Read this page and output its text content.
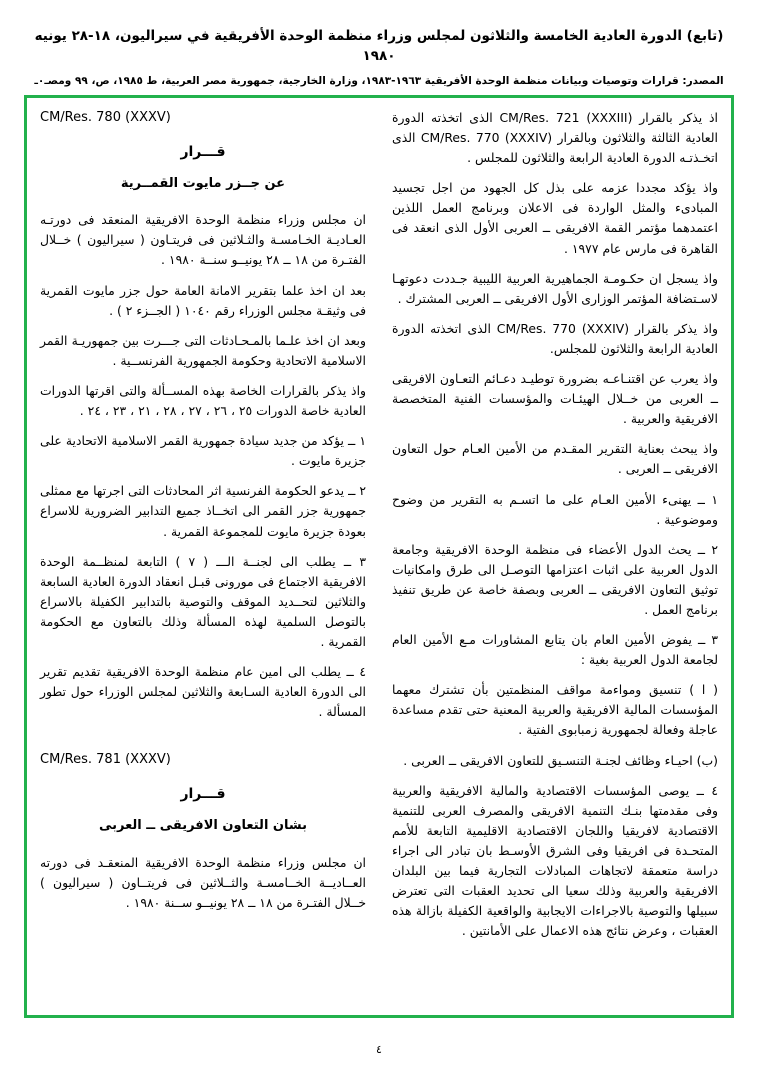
(تابع) الدورة العادية الخامسة والثلاثون لمجلس وزراء منظمة الوحدة الأفريقية في سيراليون، ١٨-٢٨ يونيه ١٩٨٠
المصدر: ‏قرارات وتوصيات وبيانات منظمة الوحدة الأفريقية ١٩٦٣-١٩٨٣، وزارة الخارجية، جمهورية مصر العربية، ط ١٩٨٥، ص، ٩٩ ومصـ٠ـ

اذ يذكر بالقرار (CM/Res. 721 (XXXIII الذى اتخذته الدورة العادية الثالثة والثلاثون وبالقرار CM/Res. 770 (XXXIV) الذى اتخـذتـه الدورة العادية الرابعة والثلاثون للمجلس .

واذ يؤكد مجددا عزمه على بذل كل الجهود من اجل تجسيد المبادىء والمثل الواردة فى الاعلان وبرنامج العمل اللذين اعتمدهما مؤتمر القمة الافريقى ــ العربى الأول الذى انعقد فى القاهرة فى مارس عام ١٩٧٧ .

واذ يسجل ان حكـومـة الجماهيرية العربية الليبية جـددت دعوتهـا لاسـتضافة المؤتمر الوزارى الأول الافريقى ــ العربى المشترك .

واذ يذكر بالقرار CM/Res. 770 (XXXIV) الذى اتخذته الدورة العادية الرابعة والثلاثون للمجلس.

واذ يعرب عن اقتنـاعـه بضرورة توطيـد دعـائم التعـاون الافريقى ــ العربى من خــلال الهيئـات والمؤسسات الفنية المتخصصة الافريقية والعربية .

واذ يبحث بعناية التقرير المقـدم من الأمين العـام حول التعاون الافريقى ــ العربى .

١ ــ يهنىء الأمين العـام على ما اتسـم به التقرير من وضوح وموضوعية .

٢ ــ يحث الدول الأعضاء فى منظمة الوحدة الافريقية وجامعة الدول العربية على اثبات اعتزامها التوصـل الى طرق وامكانيات توثيق التعاون الافريقى ــ العربى وبصفة خاصة عن طريق تنفيذ برنامج العمل .

٣ ــ يفوض الأمين العام بان يتابع المشاورات مـع الأمين العام لجامعة الدول العربية بغية :

( ا ) تنسيق ومواءمة مواقف المنظمتين بأن تشترك معهما المؤسسات المالية الافريقية والعربية المعنية حتى تقدم مساعدة عاجلة وفعالة لجمهورية زمبابوى الفتية .

(ب) احيـاء وظائف لجنـة التنسـيق للتعاون الافريقى ــ العربى .

٤ ــ يوصى المؤسسات الاقتصادية والمالية الافريقية والعربية وفى مقدمتها بنـك التنمية الافريقى والمصرف العربى للتنمية الاقتصادية لافريقيا واللجان الاقتصادية الاقليمية التابعة للأمم المتحـدة فى افريقيا وفى الشرق الأوسـط بان تبادر الى اجراء دراسة متعمقة لاتجاهات المبادلات التجارية فيما بين البلدان الافريقية والعربية وذلك سعيا الى تحديد العقبات التى تعترض سبيلها والتوصية بالاجراءات الايجابية والواقعية الكفيلة بازالة هذه العقبات ، وعرض نتائج هذه الاعمال على الأمانتين .

CM/Res. 780 (XXXV)
قـــرار
عن جــزر مايوت القمــرية

ان مجلس وزراء منظمة الوحدة الافريقية المنعقد فى دورتـه العـاديـة الخـامسـة والثـلاثين فى فريتـاون ( سيراليون ) خــلال الفتـرة من ١٨ ــ ٢٨ يونيــو سنــة ١٩٨٠ .

بعد ان اخذ علما بتقرير الامانة العامة حول جزر مايوت القمرية فى وثيقـة مجلس الوزراء رقم ١٠٤٠ ( الجــزء ٢ ) .

وبعد ان اخذ علـما بالمـحـادثات التى جـــرت بين جمهوريـة القمر الاسلامية الاتحادية وحكومة الجمهورية الفرنســية .

واذ يذكر بالقرارات الخاصة بهذه المســألة والتى اقرتها الدورات العادية خاصة الدورات ٢٥ ، ٢٦ ، ٢٧ ، ٢٨ ، ٢١ ، ٢٣ ، ٢٤ .

١ ــ يؤكد من جديد سيادة جمهورية القمر الاسلامية الاتحادية على جزيرة مايوت .

٢ ــ يدعو الحكومة الفرنسية اثر المحادثات التى اجرتها مع ممثلى جمهورية جزر القمر الى اتخــاذ جميع التدابير الضرورية للاسراع بعودة جزيرة مايوت للمجموعة القمرية .

٣ ــ يطلب الى لجنــة الـــ ( ٧ ) التابعة لمنظــمة الوحدة الافريقية الاجتماع فى مورونى قبـل انعقاد الدورة العادية السابعة والثلاثين لتحــديد الموقف والتوصية بالتدابير الكفيلة بالاسراع بالتوصل السلمية لهذه المسألة وذلك بالتعاون مع الحكومة القمرية .

٤ ــ يطلب الى امين عام منظمة الوحدة الافريقية تقديم تقرير الى الدورة العادية السـابعة والثلاثين لمجلس الوزراء حول تطور المسألة .

CM/Res. 781 (XXXV)
قـــرار
بشان التعاون الافريقى ــ العربى

ان مجلس وزراء منظمة الوحدة الافريقية المنعقـد فى دورته العــاديــة الخــامسـة والثــلاثين فى فريتــاون ( سيراليون ) خــلال الفتـرة من ١٨ ــ ٢٨ يونيــو ســنة ١٩٨٠ .

٤
